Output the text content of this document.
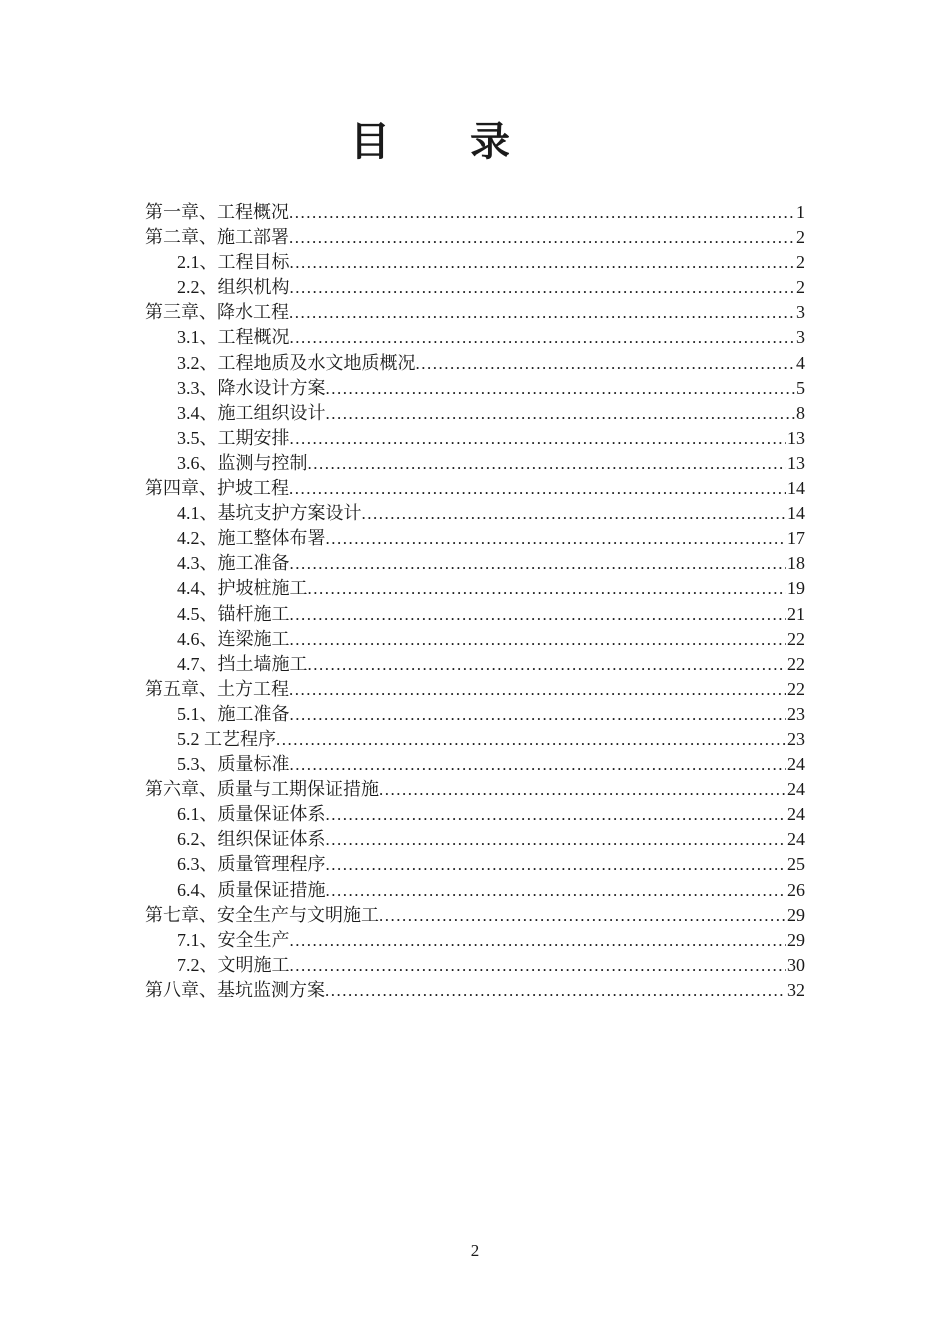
目　　录
第一章、工程概况 .....	1
第二章、施工部署 .....	2
2.1、工程目标 .....	2
2.2、组织机构 .....	2
第三章、降水工程 .....	3
3.1、工程概况 .....	3
3.2、工程地质及水文地质概况 .....	4
3.3、降水设计方案 .....	5
3.4、施工组织设计 .....	8
3.5、工期安排 .....	13
3.6、监测与控制 .....	13
第四章、护坡工程 .....	14
4.1、基坑支护方案设计 .....	14
4.2、施工整体布署 .....	17
4.3、施工准备 .....	18
4.4、护坡桩施工 .....	19
4.5、锚杆施工 .....	21
4.6、连梁施工 .....	22
4.7、挡土墙施工 .....	22
第五章、土方工程 .....	22
5.1、施工准备 .....	23
5.2 工艺程序 .....	23
5.3、质量标准 .....	24
第六章、质量与工期保证措施 .....	24
6.1、质量保证体系 .....	24
6.2、组织保证体系 .....	24
6.3、质量管理程序 .....	25
6.4、质量保证措施 .....	26
第七章、安全生产与文明施工 .....	29
7.1、安全生产 .....	29
7.2、文明施工 .....	30
第八章、基坑监测方案 .....	32
2
